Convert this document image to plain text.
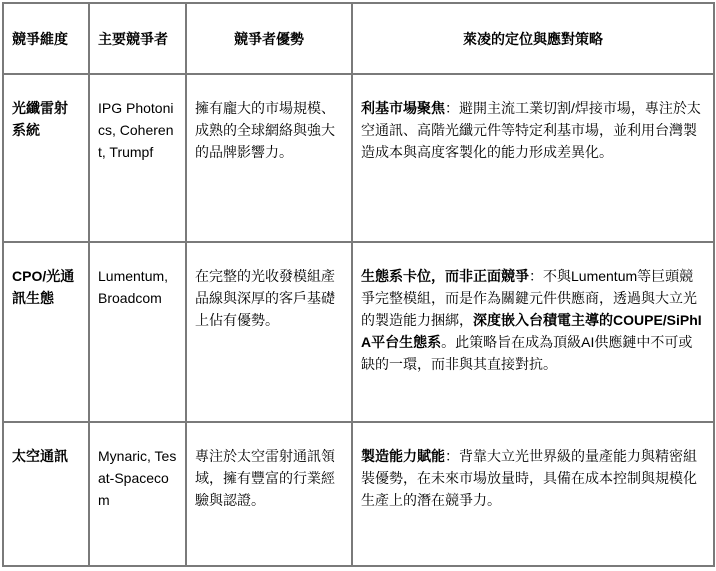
競爭維度	主要競爭者	競爭者優勢	萊凌的定位與應對策略
光纖雷射系統	IPG Photonics, Coherent, Trumpf	擁有龐大的市場規模、成熟的全球網絡與強大的品牌影響力。	利基市場聚焦：避開主流工業切割/焊接市場，專注於太空通訊、高階光纖元件等特定利基市場，並利用台灣製造成本與高度客製化的能力形成差異化。
CPO/光通訊生態	Lumentum, Broadcom	在完整的光收發模組產品線與深厚的客戶基礎上佔有優勢。	生態系卡位，而非正面競爭：不與Lumentum等巨頭競爭完整模組，而是作為關鍵元件供應商，透過與大立光的製造能力捆綁，深度嵌入台積電主導的COUPE/SiPhIA平台生態系。此策略旨在成為頂級AI供應鏈中不可或缺的一環，而非與其直接對抗。
太空通訊	Mynaric, Tesat-Spacecom	專注於太空雷射通訊領域，擁有豐富的行業經驗與認證。	製造能力賦能：背靠大立光世界級的量產能力與精密組裝優勢，在未來市場放量時，具備在成本控制與規模化生產上的潛在競爭力。
